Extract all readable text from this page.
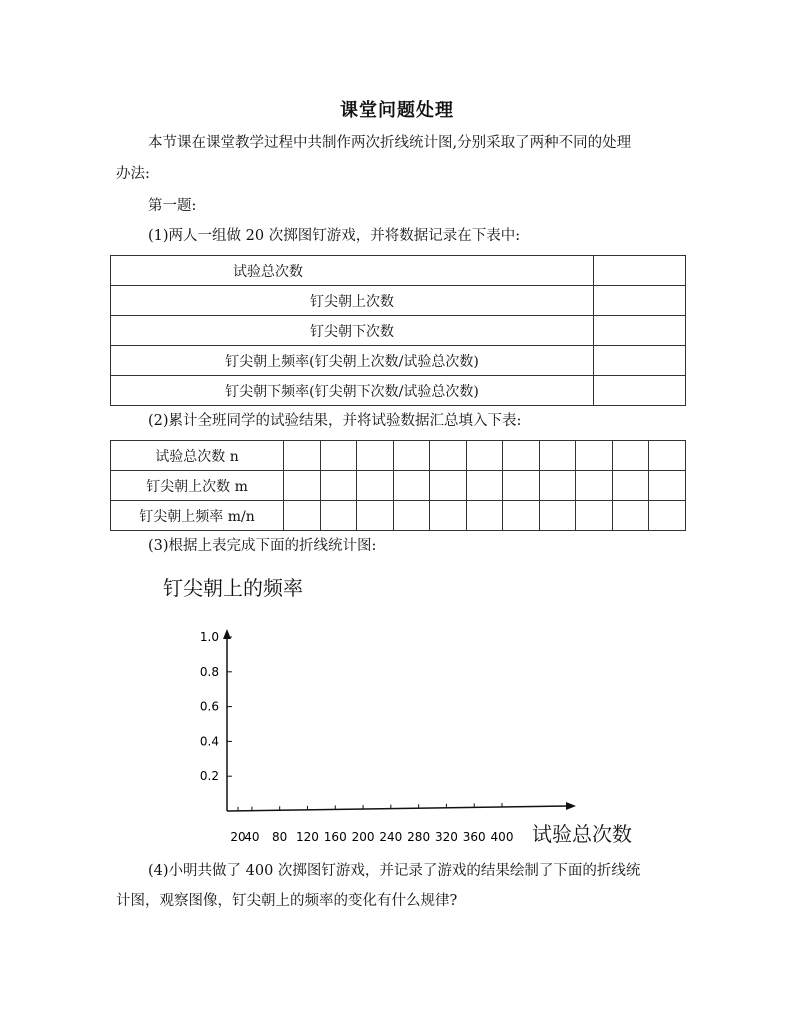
课堂问题处理
本节课在课堂教学过程中共制作两次折线统计图,分别采取了两种不同的处理
办法:
第一题:
(1)两人一组做 20 次掷图钉游戏，并将数据记录在下表中:
试验总次数	
钉尖朝上次数	
钉尖朝下次数	
钉尖朝上频率(钉尖朝上次数/试验总次数)	
钉尖朝下频率(钉尖朝下次数/试验总次数)	
(2)累计全班同学的试验结果，并将试验数据汇总填入下表:
试验总次数 n											
钉尖朝上次数 m											
钉尖朝上频率 m/n											
(3)根据上表完成下面的折线统计图:
钉尖朝上的频率
试验总次数
0.2
0.4
0.6
0.8
1.0
20
40 80 120 160 200 240 280 320 360 400
(4)小明共做了 400 次掷图钉游戏，并记录了游戏的结果绘制了下面的折线统
计图，观察图像，钉尖朝上的频率的变化有什么规律?
